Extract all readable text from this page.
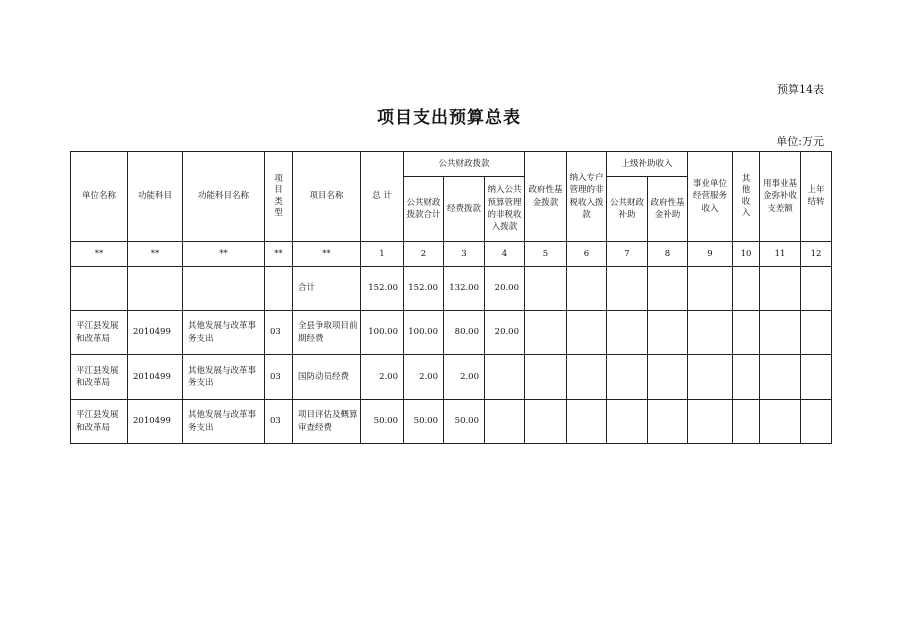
预算14表
项目支出预算总表
单位:万元
单位名称	功能科目	功能科目名称	项目类型	项目名称	总 计	公共财政拨款			政府性基金拨款	纳入专户管理的非税收入拨款	上级补助收入		事业单位经营服务收入	其他收入	用事业基金弥补收支差额	上年结转
						公共财政拨款合计	经费拨款	纳入公共预算管理的非税收入拨款			公共财政补助	政府性基金补助				
**	**	**	**	**	1	2	3	4	5	6	7	8	9	10	11	12
				合计	152.00	152.00	132.00	20.00								
平江县发展和改革局	2010499	其他发展与改革事务支出	03	全县争取项目前期经费	100.00	100.00	80.00	20.00								
平江县发展和改革局	2010499	其他发展与改革事务支出	03	国防动员经费	2.00	2.00	2.00									
平江县发展和改革局	2010499	其他发展与改革事务支出	03	项目评估及概算审查经费	50.00	50.00	50.00									
